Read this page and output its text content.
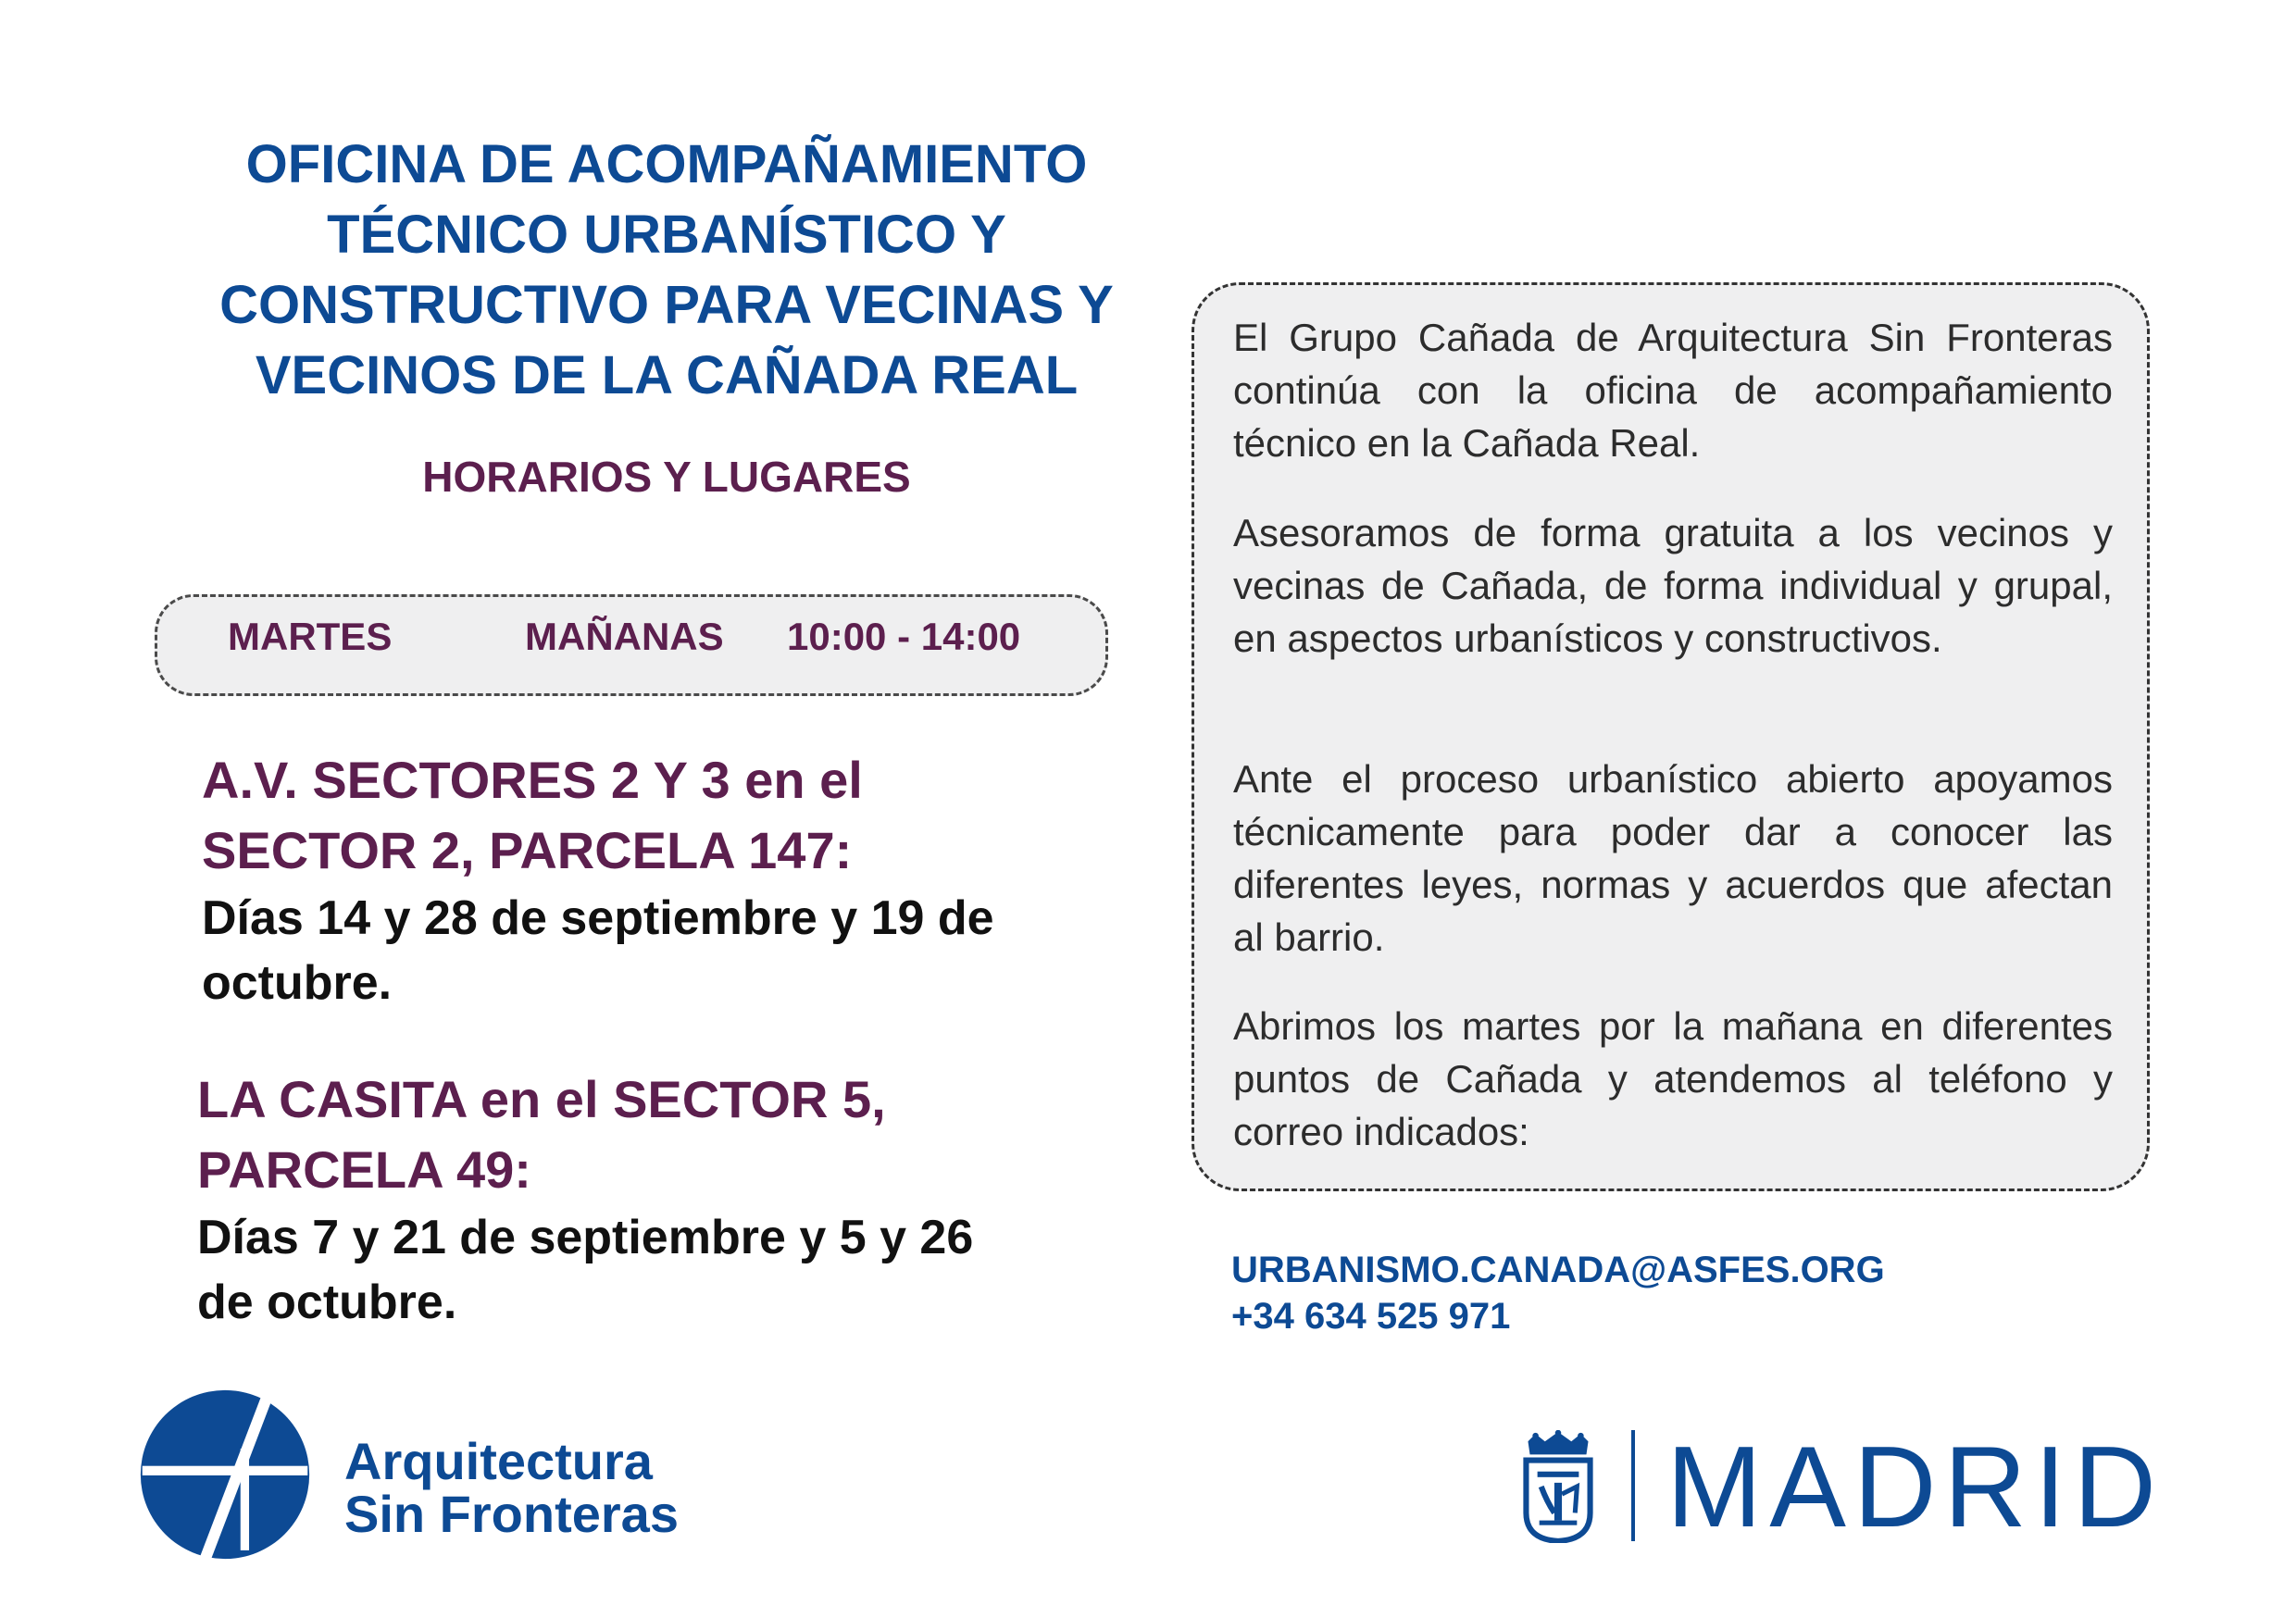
OFICINA DE ACOMPAÑAMIENTO
TÉCNICO URBANÍSTICO Y
CONSTRUCTIVO PARA VECINAS Y
VECINOS DE LA CAÑADA REAL
HORARIOS Y LUGARES
MARTES	MAÑANAS 10:00 - 14:00
A.V. SECTORES 2 Y 3 en el
SECTOR 2, PARCELA 147:
Días 14 y 28 de septiembre y 19 de
octubre.
LA CASITA en el SECTOR 5,
PARCELA 49:
Días 7 y 21 de septiembre y 5 y 26
de octubre.
El Grupo Cañada de Arquitectura Sin Fronteras continúa con la oficina de acompañamiento técnico en la Cañada Real.
Asesoramos de forma gratuita a los vecinos y vecinas de Cañada, de forma individual y grupal, en aspectos urbanísticos y constructivos.
Ante el proceso urbanístico abierto apoyamos técnicamente para poder dar a conocer las diferentes leyes, normas y acuerdos que afectan al barrio.
Abrimos los martes por la mañana en diferentes puntos de Cañada y atendemos al teléfono y correo indicados:
URBANISMO.CANADA@ASFES.ORG
+34 634 525 971
Arquitectura
Sin Fronteras	MADRID
